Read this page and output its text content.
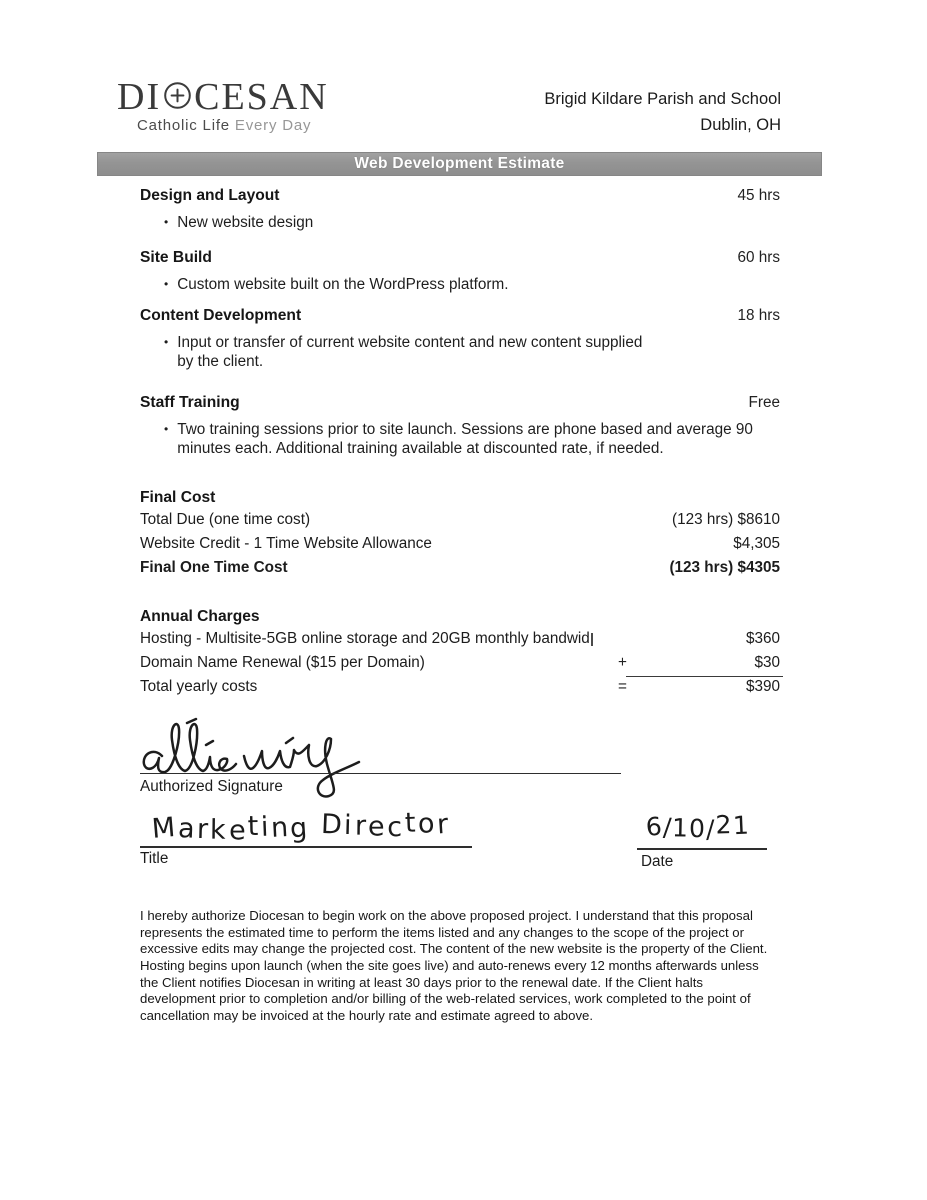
DI CESAN
Catholic Life Every Day
Brigid Kildare Parish and School
Dublin, OH
Web Development Estimate
Design and Layout	45 hrs
• New website design
Site Build	60 hrs
• Custom website built on the WordPress platform.
Content Development	18 hrs
• Input or transfer of current website content and new content supplied by the client.
Staff Training	Free
• Two training sessions prior to site launch. Sessions are phone based and average 90 minutes each. Additional training available at discounted rate, if needed.
Final Cost
Total Due (one time cost)	(123 hrs) $8610
Website Credit - 1 Time Website Allowance	$4,305
Final One Time Cost	(123 hrs) $4305
Annual Charges
Hosting - Multisite-5GB online storage and 20GB monthly bandwid	$360
Domain Name Renewal ($15 per Domain)	+	$30
Total yearly costs	=	$390
Authorized Signature
Marketing Director
Title
6/10/21
Date

I hereby authorize Diocesan to begin work on the above proposed project. I understand that this proposal represents the estimated time to perform the items listed and any changes to the scope of the project or excessive edits may change the projected cost. The content of the new website is the property of the Client. Hosting begins upon launch (when the site goes live) and auto-renews every 12 months afterwards unless the Client notifies Diocesan in writing at least 30 days prior to the renewal date. If the Client halts development prior to completion and/or billing of the web-related services, work completed to the point of cancellation may be invoiced at the hourly rate and estimate agreed to above.
